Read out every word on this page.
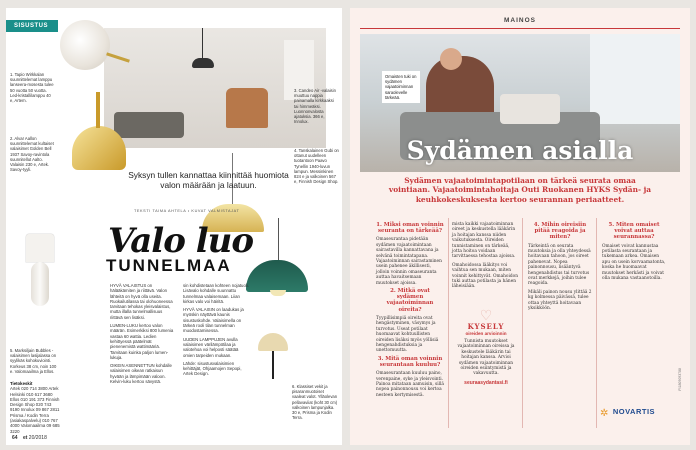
SISUSTUS
1. Tapio Wirkkalan suunnittelemat lamppu lanseera-mosesta tulee 50 vuotta 50 vuotta. Led-kristallilamppu 40 e, Artem.
2. Alvar Aallon suunnittelemat kultaiset valaisimet Golden Bell 1937 Savoy-ravintola suunnitellut Aalto. Valaisin 230 e, Artek. Savoy-tyyli.
3. Candeo Air -valaisin muuttuu nappia painamalla kirkkaaksi tai himmeäksi. Luonnonvalosta ajatuksia. 366 e, Innolux.
4. Tanskalainen Gubi on ottanut uudelleen tuotantoon Paavo Tynellin 1940-luvun lampun. Messinkinen 824 e ja valkoinen 567 e, Finnish Design Shop.
5. Marksiljain Bubbles -valaisimen lasijalassa on syylikäs kohokuviointi. Korkeus 38 cm, noin 100 e. Valomaailma ja Ellos.
6. Klassiset vekit ja pisaranmuotoiset vaaleat valot. Ylläolevan pellavaviiat (koht 30 cm) valkoinen lampunjalka. 30 e, Prisma ja Kodin Terra.
Syksyn tullen kannattaa kiinnittää huomiota valon määrään ja laatuun.
TEKSTI TAIMA AHTELA • KUVAT VALMISTAJAT
Valo luo
TUNNELMAA

HYVÄ VALAISTUS on hälääkämiten ja riittävä. Valon lähteitä on hyvä olla useita. Ruokailutilassa tai olohuoneessa tarvitaan tehokas yleisvalaistus, mutta illalla tunnelmallisuus riittävä sen lisäksi.

LUMEN-LUKU kertoo valon määrän. Esimerkiksi 800 lumenia vastaa 60 wattia. Ledien kehittyessä päätelmät pienenemistä wattimääriä. Tarvitaan kuinka paljon lumen-lukuja.

OIKEIN ASENNETTUN kohdalle valaisimen oikean ratkaisun hyvään ja lämpimään valoon. Kelvin-luku kertoo sävystä.

sin kohdistetaan kohteen nojatuoli. Lisävalo kohdalle suunnattu tunnelmaa valaisemaan. Liian kirkas valo voi häiritä.

HYVÄ VALAISIN on laadukas ja myöskin näyttävä kaunis sisustuskohde. Valaisimella on tärkeä rooli tilan tunnelman muodostamisessa.

UUDEN LAMPPUJEN avulla valaisimen värilämpötilaa ja valotehoa voi helposti säätää omien tarpeiden mukaan.

Lähde: sisustusvalaisimien kehittäjät, Ohjaamojen Sepopi, Artek Design.

Tietokeskit

Artek 020 714 3800 Artek Helsinki 010 617 3680 Ellos 010 191 373 Finnish Design Shop 020 743 9190 Innolux 09 867 2811 Prisma / Kodin Terra (asiakaspalvelu) 010 767 4000 Valomaailma 09 685 3220

64 et 20/2018
MAINOS
Omaisten tuki on sydämen vajaatoiminnan saraolevelle tärkeää.
Sydämen asialla
Sydämen vajaatoimintapotilaan on tärkeä seurata omaa vointiaan. Vajaatoimintahoitaja Outi Ruokanen HYKS Sydän- ja keuhkokeskuksesta kertoo seurannan periaatteet.
1. Miksi oman voinnin seuranta on tärkeää?

Omaseurantaa pidetään sydämen vajaatoimintaan sairastavilla kannattavana ja selvänä toimintatapana. Vajaatoiminnan sairastaminen usein pahenee äkillisesti, jolloin voinnin omaseuranta auttaa havaitsemaan muutokset ajoissa.

2. Mitkä ovat sydämen vajaatoiminnan oireita?

Tyypillisimpiä oireita ovat hengästyminen, väsymys ja turvotus. Useat potilaat huomaavat kohtuullisten oireiden lisäksi myös yöllisiä hengenahdistuksia ja unettomuutta.

3. Mitä oman voinnin seurantaan kuuluu?

Omaseurantaan kuuluu paino, verenpaine, syke ja yleisvointi. Painoa mitataan aamuisin, sillä nopea painonnousu voi kertoa nesteen kertymisestä.

mista kaikki vajaatoiminnan oireet ja keskustella lääkärin ja hoitajan kanssa niiden vaikutuksesta. Oireiden tunnistaminen on tärkeää, jotta hoitoa voidaan tarvittaessa tehostaa ajoissa.

Omahoidossa lääkitys voi vaihtua sen mukaan, miten voinnit kehittyvät. Omahoidon tuki auttaa potilasta ja hänen läheisiään.

♡
KYSELY
oireiden arvioinnin
Tunnista muutokset vajaatoiminnan oireissa ja keskustele lääkärin tai hoitajan kanssa. Arvioi sydämen vajaatoiminnan oireiden esiintymistä ja vakavuutta.
seuraasydantasi.fi
4. Mihin oireisiin pitää reagoida ja miten?

Tärkeintä on seurata muutoksia ja olla yhteydessä hoitavaan tahoon, jos oireet pahenevat. Nopea painonnousu, lisääntyvä hengenahdistus tai turvotus ovat merkkejä, joihin tulee reagoida.

Mikäli painon nousu ylittää 2 kg kolmessa päivässä, tulee ottaa yhteyttä hoitavaan yksikköön.

5. Miten omaiset voivat auttaa seurannassa?

Omaiset voivat kannustaa potilasta seurantaan ja tukemaan arkea. Omaisen apu on usein korvaamatonta, koska he huomaavat muutokset herkästi ja voivat olla mukana vastaanotoilla.

✲ NOVARTIS
FI1809093788
